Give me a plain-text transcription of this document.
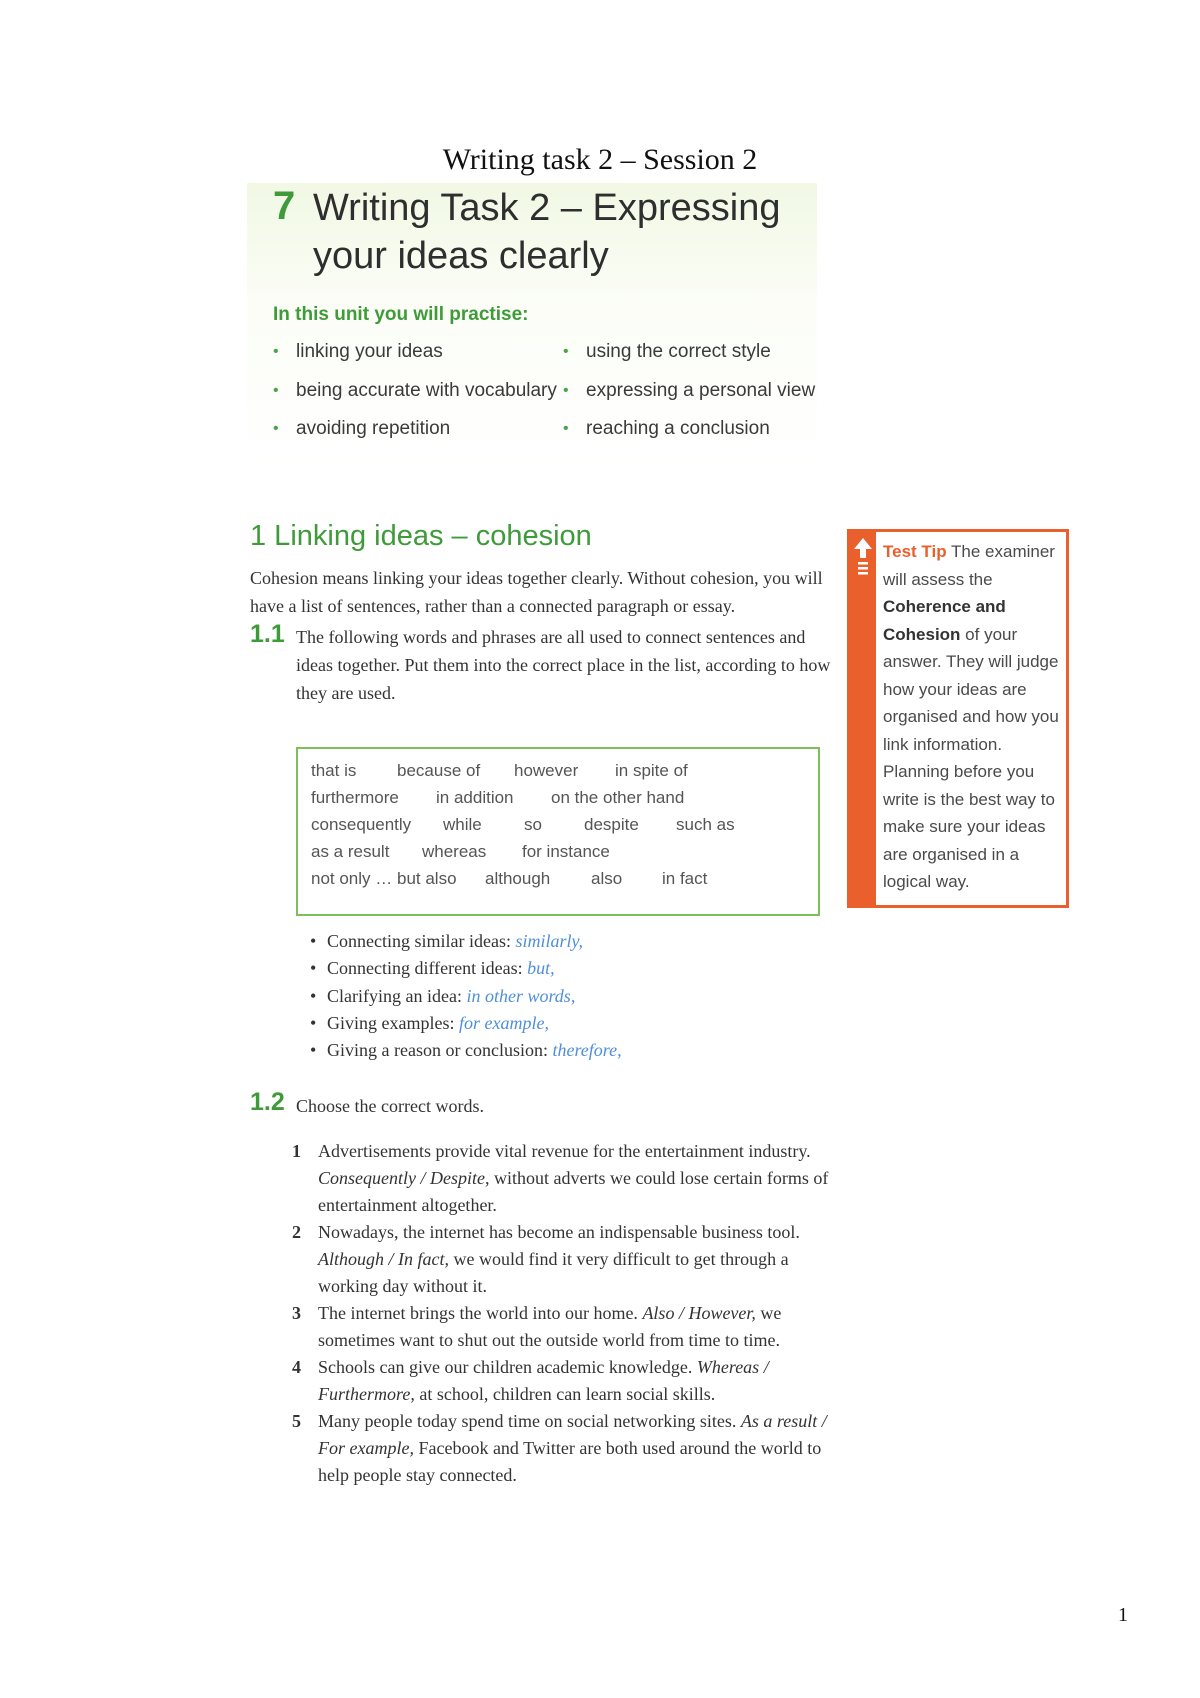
Writing task 2 – Session 2
7 Writing Task 2 – Expressing your ideas clearly
In this unit you will practise:
• linking your ideas
• being accurate with vocabulary
• avoiding repetition
• using the correct style
• expressing a personal view
• reaching a conclusion
1 Linking ideas – cohesion
Cohesion means linking your ideas together clearly. Without cohesion, you will have a list of sentences, rather than a connected paragraph or essay.
1.1 The following words and phrases are all used to connect sentences and ideas together. Put them into the correct place in the list, according to how they are used.
that is because of however in spite of
furthermore in addition on the other hand
consequently while so despite such as
as a result whereas for instance
not only … but also although also in fact
• Connecting similar ideas: similarly,
• Connecting different ideas: but,
• Clarifying an idea: in other words,
• Giving examples: for example,
• Giving a reason or conclusion: therefore,
1.2 Choose the correct words.
1 Advertisements provide vital revenue for the entertainment industry. Consequently / Despite, without adverts we could lose certain forms of entertainment altogether.
2 Nowadays, the internet has become an indispensable business tool. Although / In fact, we would find it very difficult to get through a working day without it.
3 The internet brings the world into our home. Also / However, we sometimes want to shut out the outside world from time to time.
4 Schools can give our children academic knowledge. Whereas / Furthermore, at school, children can learn social skills.
5 Many people today spend time on social networking sites. As a result / For example, Facebook and Twitter are both used around the world to help people stay connected.
Test Tip The examiner will assess the Coherence and Cohesion of your answer. They will judge how your ideas are organised and how you link information. Planning before you write is the best way to make sure your ideas are organised in a logical way.
1
